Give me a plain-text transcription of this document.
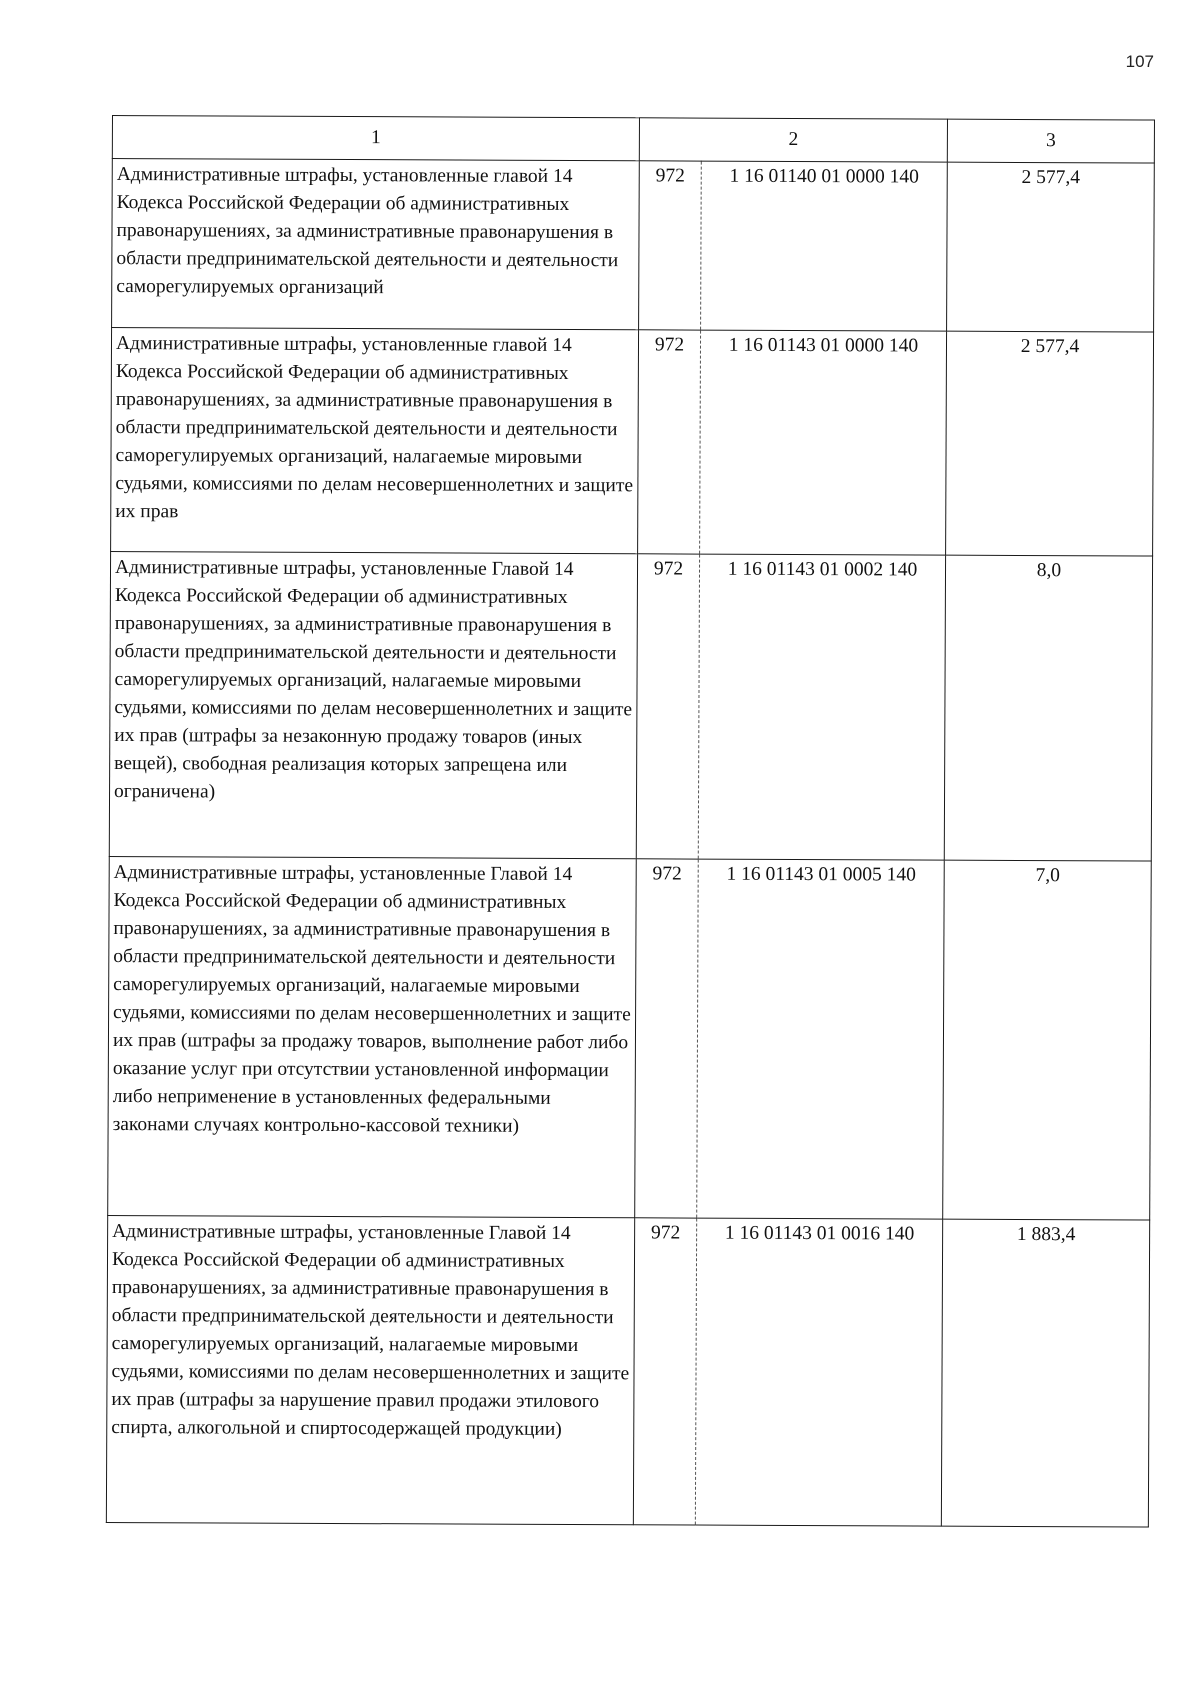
107
1	2		3
Административные штрафы, установленные главой 14 Кодекса Российской Федерации об административных правонарушениях, за административные правонарушения в области предпринимательской деятельности и деятельности саморегулируемых организаций	972	1 16 01140 01 0000 140	2 577,4
Административные штрафы, установленные главой 14 Кодекса Российской Федерации об административных правонарушениях, за административные правонарушения в области предпринимательской деятельности и деятельности саморегулируемых организаций, налагаемые мировыми судьями, комиссиями по делам несовершеннолетних и защите их прав	972	1 16 01143 01 0000 140	2 577,4
Административные штрафы, установленные Главой 14 Кодекса Российской Федерации об административных правонарушениях, за административные правонарушения в области предпринимательской деятельности и деятельности саморегулируемых организаций, налагаемые мировыми судьями, комиссиями по делам несовершеннолетних и защите их прав (штрафы за незаконную продажу товаров (иных вещей), свободная реализация которых запрещена или ограничена)	972	1 16 01143 01 0002 140	8,0
Административные штрафы, установленные Главой 14 Кодекса Российской Федерации об административных правонарушениях, за административные правонарушения в области предпринимательской деятельности и деятельности саморегулируемых организаций, налагаемые мировыми судьями, комиссиями по делам несовершеннолетних и защите их прав (штрафы за продажу товаров, выполнение работ либо оказание услуг при отсутствии установленной информации либо неприменение в установленных федеральными законами случаях контрольно-кассовой техники)	972	1 16 01143 01 0005 140	7,0
Административные штрафы, установленные Главой 14 Кодекса Российской Федерации об административных правонарушениях, за административные правонарушения в области предпринимательской деятельности и деятельности саморегулируемых организаций, налагаемые мировыми судьями, комиссиями по делам несовершеннолетних и защите их прав (штрафы за нарушение правил продажи этилового спирта, алкогольной и спиртосодержащей продукции)	972	1 16 01143 01 0016 140	1 883,4
